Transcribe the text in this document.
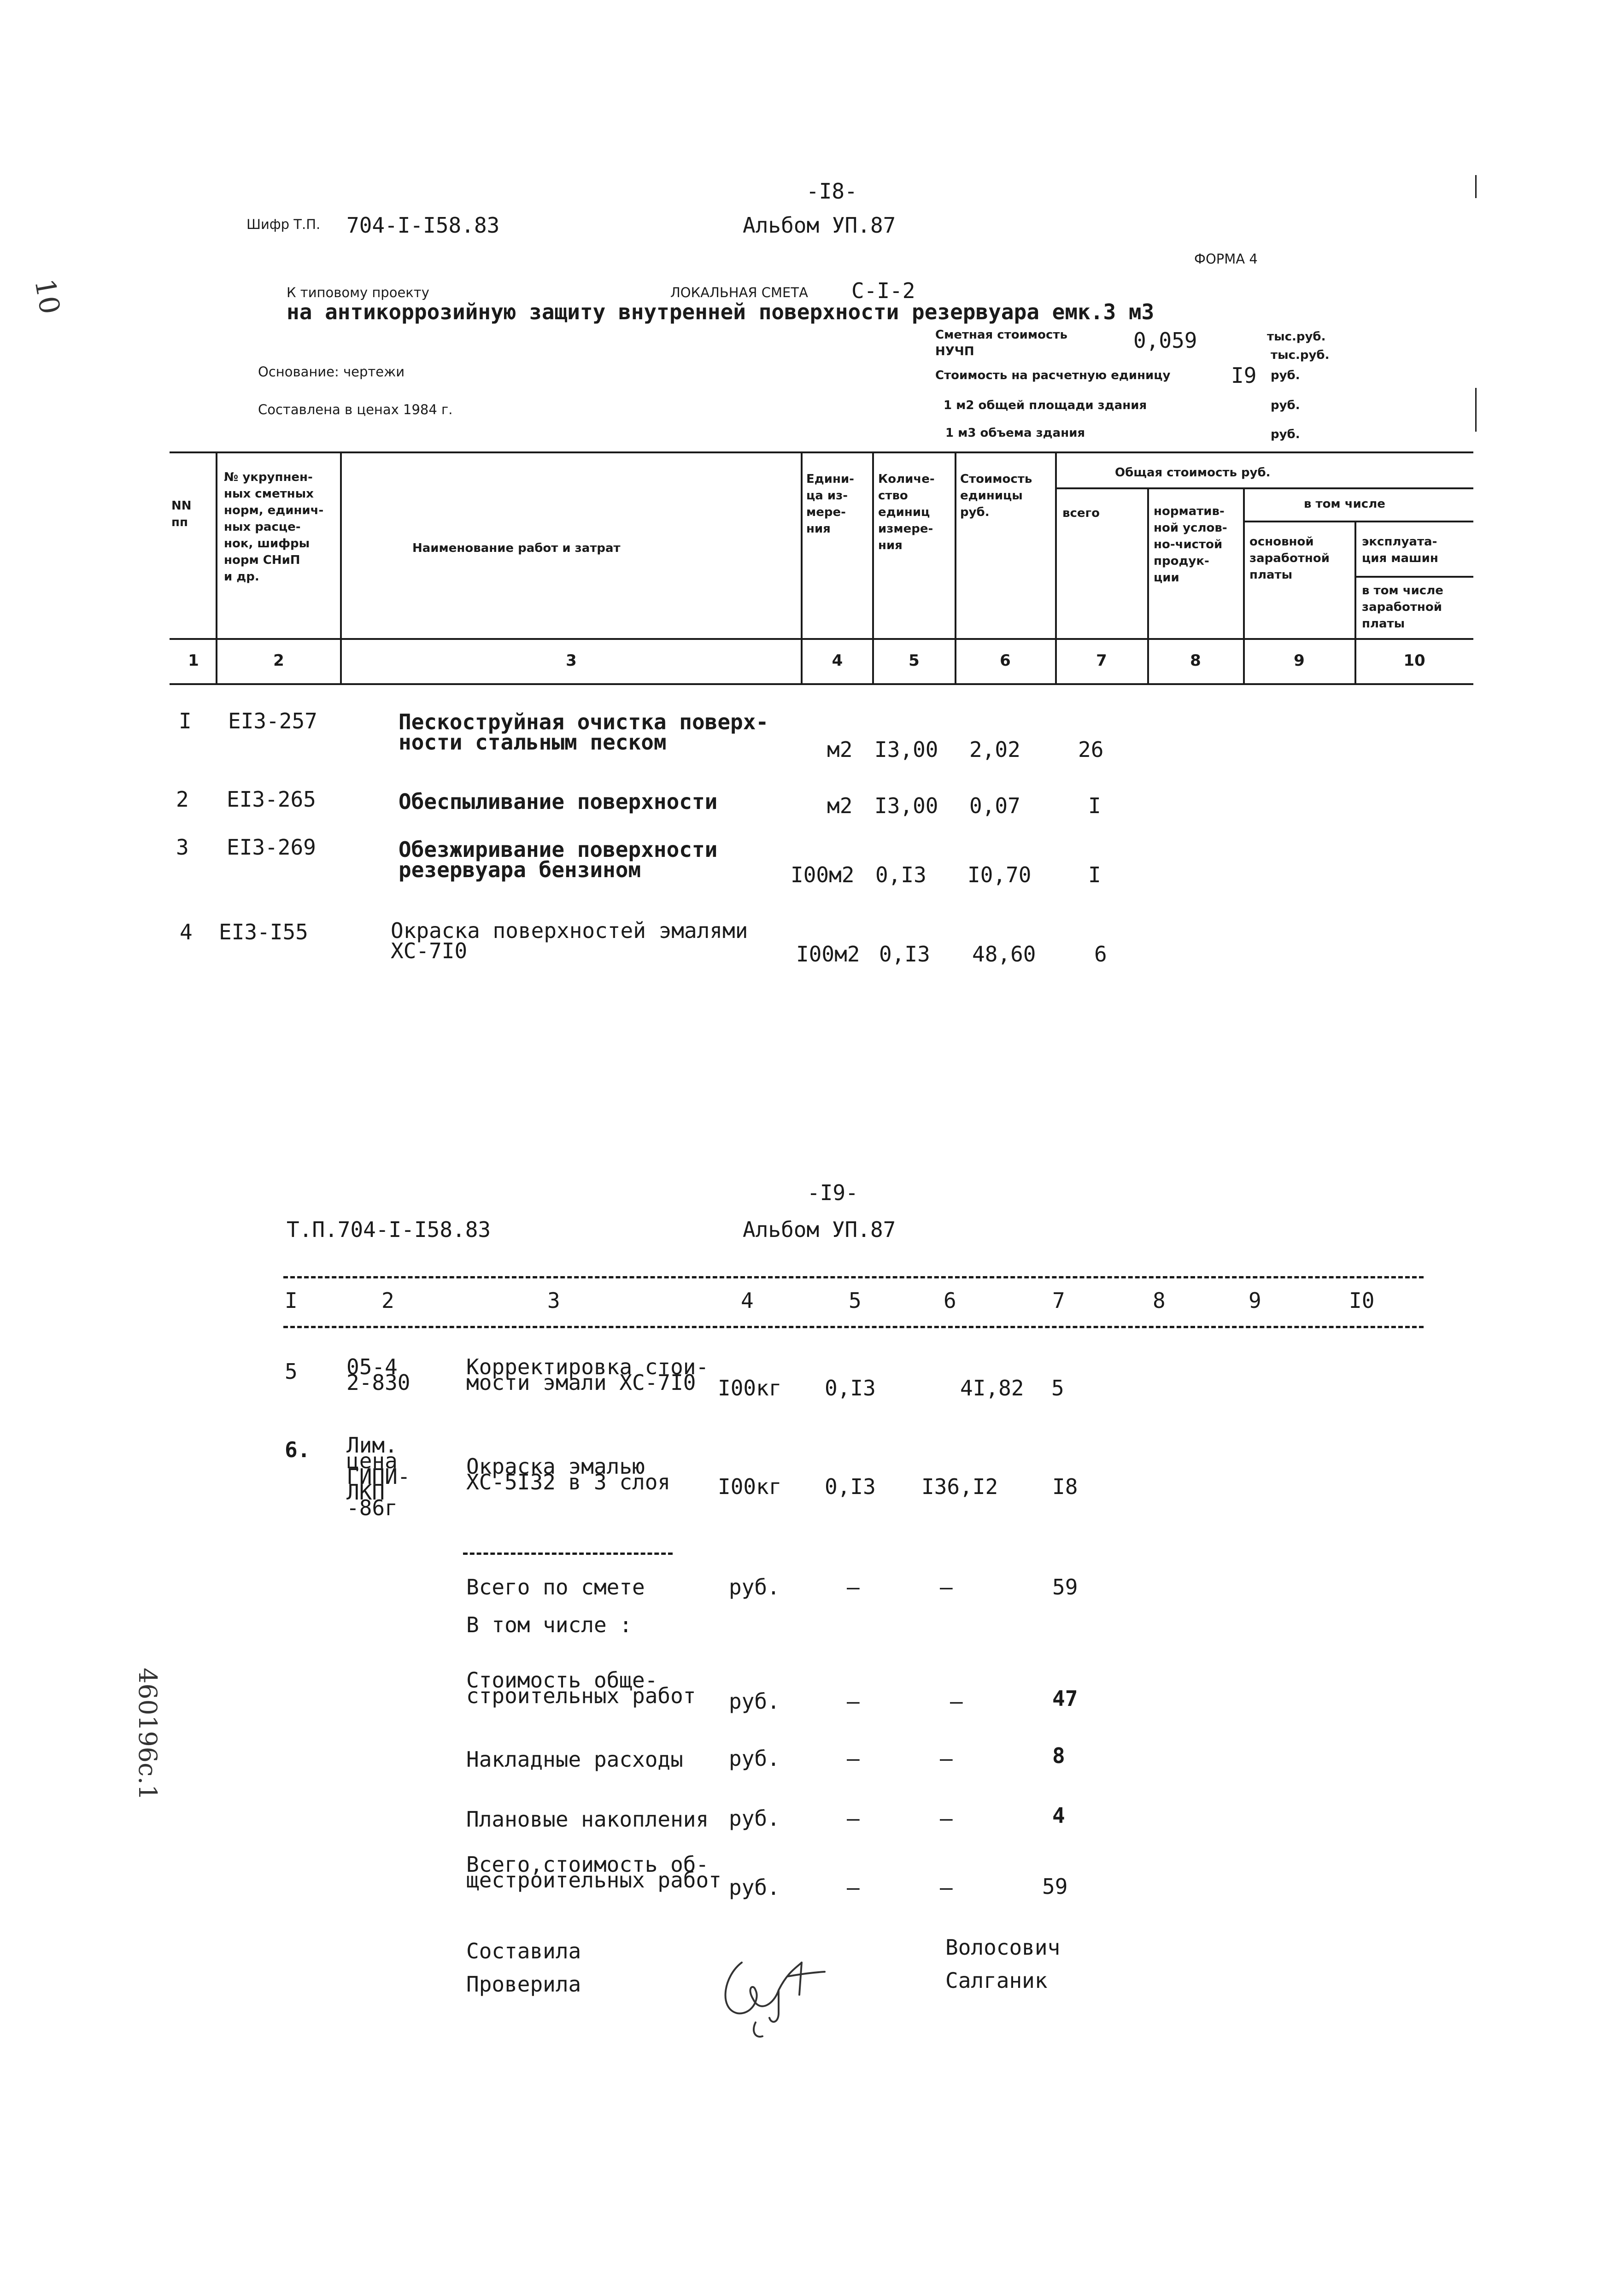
-I8-
Шифр Т.П. 704-I-I58.83	Альбом УП.87
ФОРМА 4
К типовому проекту	ЛОКАЛЬНАЯ СМЕТА С-I-2
на антикоррозийную защиту внутренней поверхности резервуара емк.3 м3
Сметная стоимость	0,059	тыс.руб.
НУЧП	тыс.руб.
Основание: чертежи	Стоимость на расчетную единицу	I9 руб.
Составлена в ценах 1984 г.	1 м2 общей площади здания	руб.
1 м3 объема здания	руб.
NN
пп
№ укрупнен-
ных сметных
норм, единич-
ных расце-
нок, шифры
норм СНиП
и др.
Наименование работ и затрат
Едини-
ца из-
мере-
ния
Количе-
ство
единиц
измере-
ния
Стоимость
единицы
руб.
Общая стоимость руб.
всего	норматив-
ной услов-
но-чистой
продук-
ции
в том числе
основной
заработной
платы
эксплуата-
ция машин
в том числе
заработной
платы
1	2	3	4	5	6	7	8	9	10
I EI3-257	Пескоструйная очистка поверх-
ности стальным песком	м2 I3,00 2,02	26
2 EI3-265	Обеспыливание поверхности	м2 I3,00 0,07	I
3 EI3-269	Обезжиривание поверхности
резервуара бензином	I00м2 0,I3 I0,70	I
4 EI3-I55	Окраска поверхностей эмалями
ХС-7I0	I00м2 0,I3 48,60	6
-I9-
Т.П.704-I-I58.83	Альбом УП.87
I	2	3	4	5	6	7	8	9	I0
5 05-4
2-830
Корректировка стои-
мости эмали ХС-7I0	I00кг 0,I3	4I,82 5
6. Лим.
цена
ГИПИ-
ЛКП
-86г
Окраска эмалью
ХС-5I32 в 3 слоя I00кг 0,I3 I36,I2	I8
Всего по смете	руб.	–	–	59
В том числе :
Стоимость обще-
строительных работ руб.	–	–	47
Накладные расходы руб.	–	–	8
Плановые накопления руб.	–	–	4
Всего,стоимость об-
щестроительных работ руб.	–	–	59
Составила	Волосович
Проверила	Салганик
10
460196с.1
